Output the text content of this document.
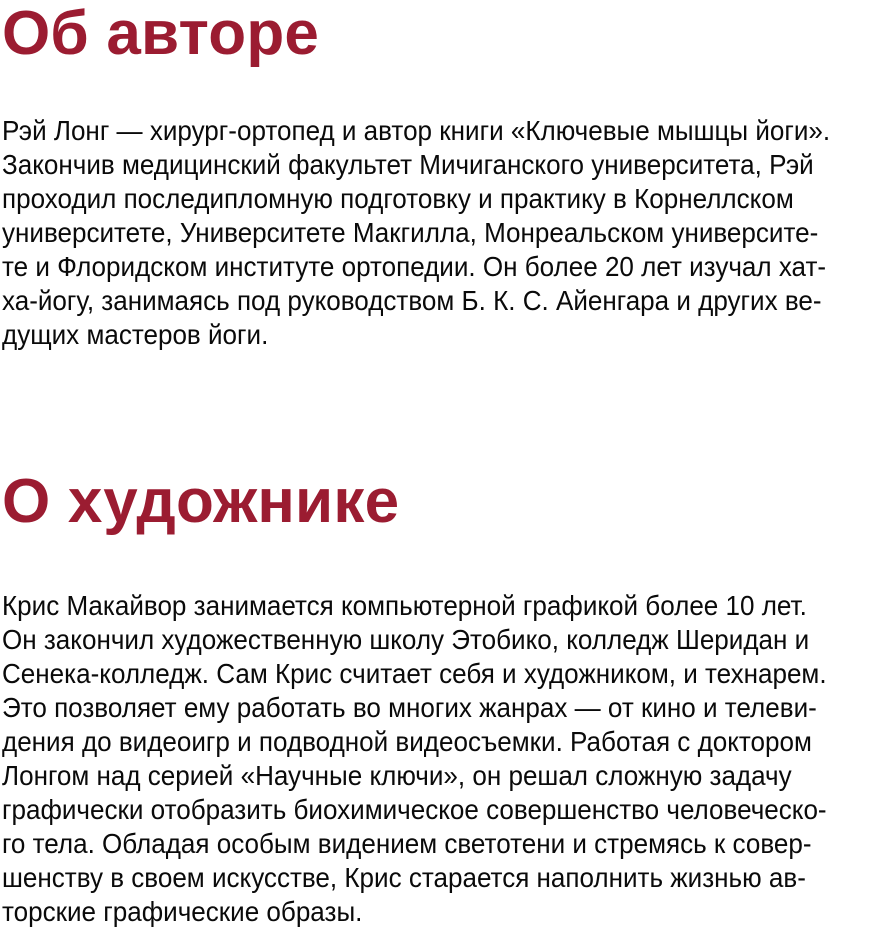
Об авторе
Рэй Лонг — хирург-ортопед и автор книги «Ключевые мышцы йоги».
Закончив медицинский факультет Мичиганского университета, Рэй
проходил последипломную подготовку и практику в Корнеллском
университете, Университете Макгилла, Монреальском университе-
те и Флоридском институте ортопедии. Он более 20 лет изучал хат-
ха-йогу, занимаясь под руководством Б. К. С. Айенгара и других ве-
дущих мастеров йоги.
О художнике
Крис Макайвор занимается компьютерной графикой более 10 лет.
Он закончил художественную школу Этобико, колледж Шеридан и
Сенека-колледж. Сам Крис считает себя и художником, и технарем.
Это позволяет ему работать во многих жанрах — от кино и телеви-
дения до видеоигр и подводной видеосъемки. Работая с доктором
Лонгом над серией «Научные ключи», он решал сложную задачу
графически отобразить биохимическое совершенство человеческо-
го тела. Обладая особым видением светотени и стремясь к совер-
шенству в своем искусстве, Крис старается наполнить жизнью ав-
торские графические образы.
